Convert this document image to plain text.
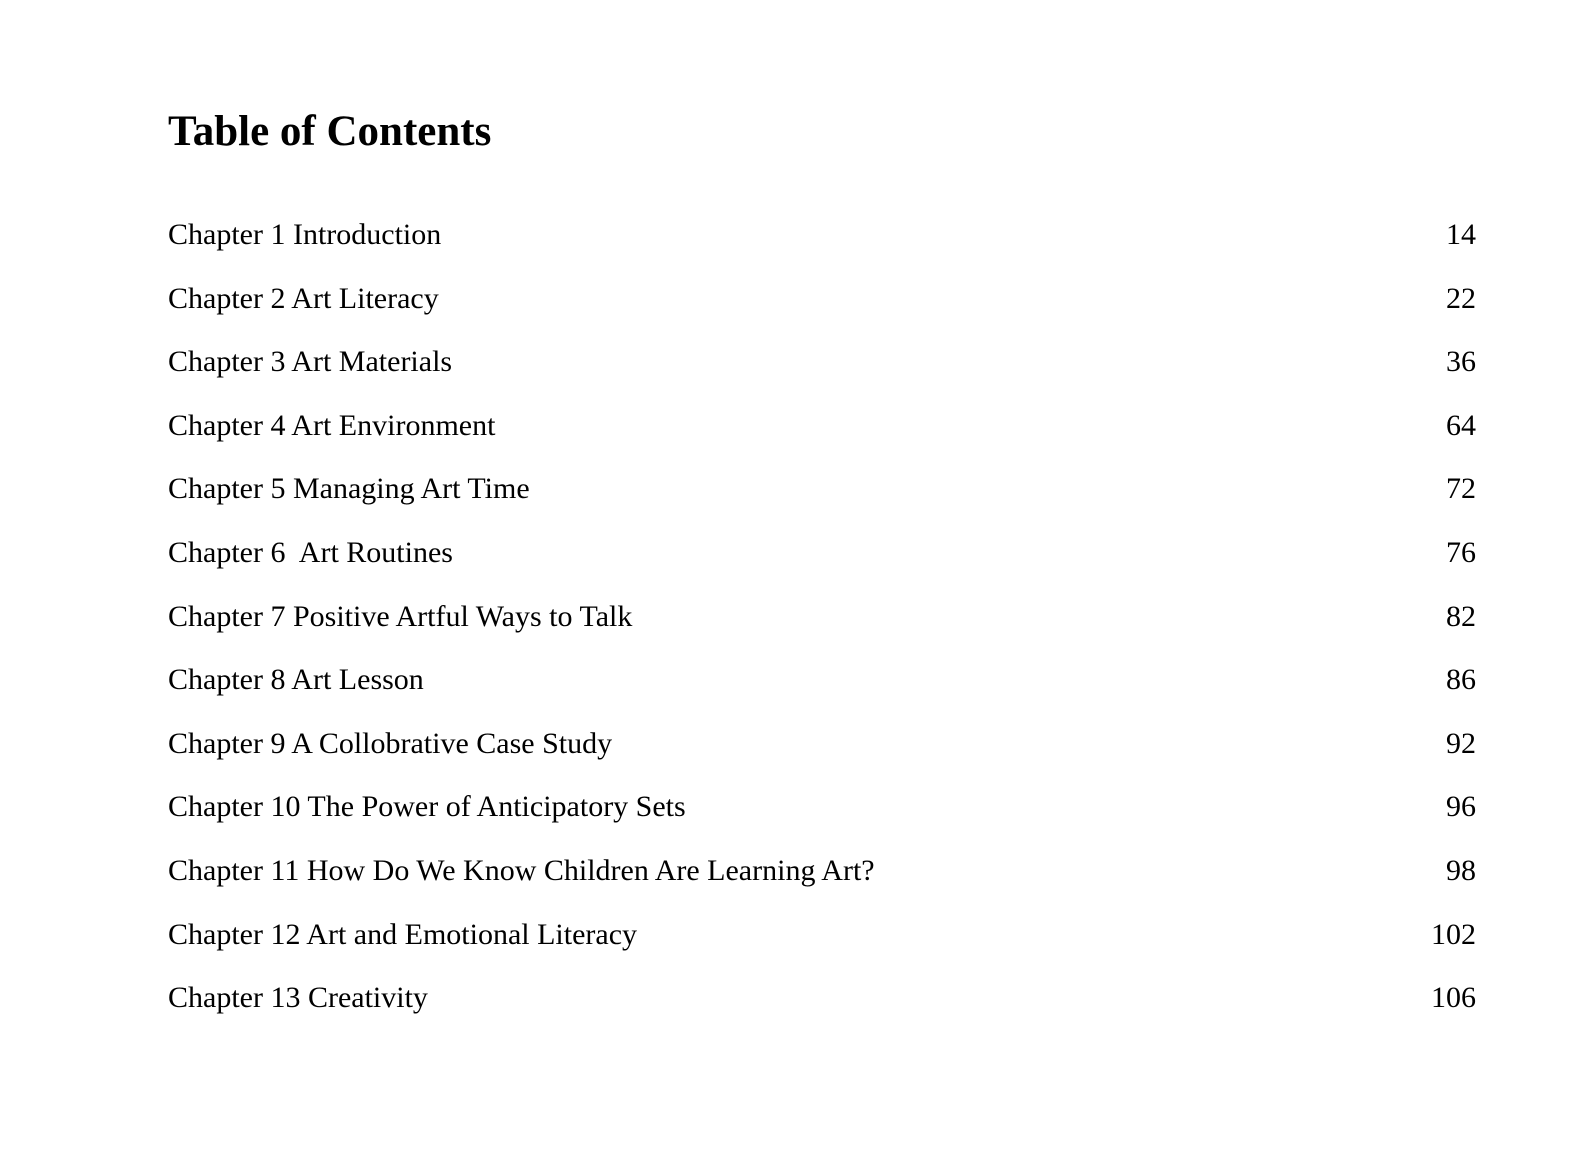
Table of Contents
Chapter 1 Introduction	14
Chapter 2 Art Literacy	22
Chapter 3 Art Materials	36
Chapter 4 Art Environment	64
Chapter 5 Managing Art Time	72
Chapter 6  Art Routines	76
Chapter 7 Positive Artful Ways to Talk	82
Chapter 8 Art Lesson	86
Chapter 9 A Collobrative Case Study	92
Chapter 10 The Power of Anticipatory Sets	96
Chapter 11 How Do We Know Children Are Learning Art?	98
Chapter 12 Art and Emotional Literacy	102
Chapter 13 Creativity	106
